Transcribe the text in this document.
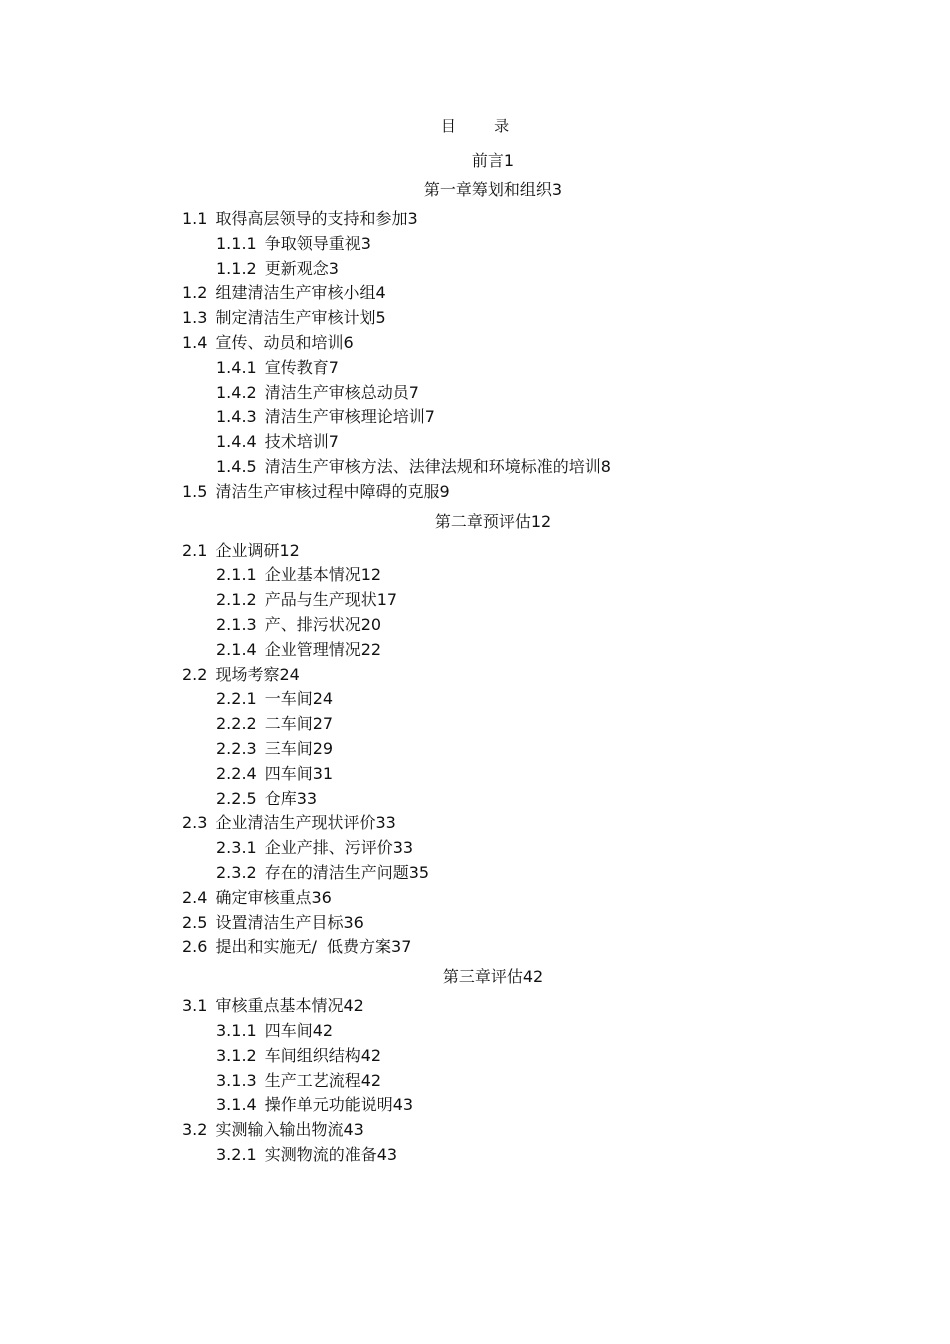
目        录
前言1
第一章筹划和组织3
1.1 取得高层领导的支持和参加3
1.1.1 争取领导重视3
1.1.2 更新观念3
1.2 组建清洁生产审核小组4
1.3 制定清洁生产审核计划5
1.4 宣传、动员和培训6
1.4.1 宣传教育7
1.4.2 清洁生产审核总动员7
1.4.3 清洁生产审核理论培训7
1.4.4 技术培训7
1.4.5 清洁生产审核方法、法律法规和环境标准的培训8
1.5 清洁生产审核过程中障碍的克服9
第二章预评估12
2.1 企业调研12
2.1.1 企业基本情况12
2.1.2 产品与生产现状17
2.1.3 产、排污状况20
2.1.4 企业管理情况22
2.2 现场考察24
2.2.1 一车间24
2.2.2 二车间27
2.2.3 三车间29
2.2.4 四车间31
2.2.5 仓库33
2.3 企业清洁生产现状评价33
2.3.1 企业产排、污评价33
2.3.2 存在的清洁生产问题35
2.4 确定审核重点36
2.5 设置清洁生产目标36
2.6 提出和实施无/  低费方案37
第三章评估42
3.1 审核重点基本情况42
3.1.1 四车间42
3.1.2 车间组织结构42
3.1.3 生产工艺流程42
3.1.4 操作单元功能说明43
3.2 实测输入输出物流43
3.2.1 实测物流的准备43
